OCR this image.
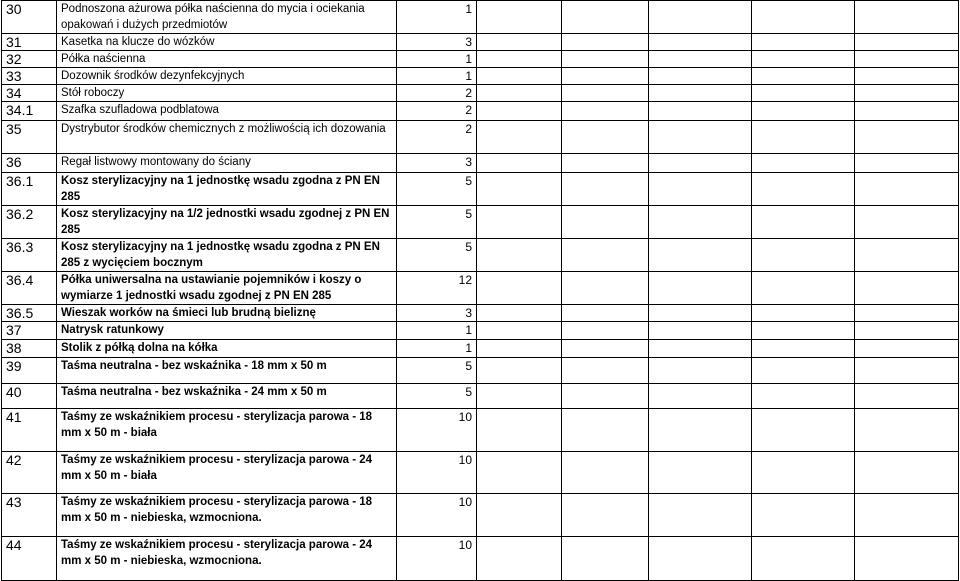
30	Podnoszona ażurowa półka naścienna do mycia i ociekania opakowań i dużych przedmiotów	1					
31	Kasetka na klucze do wózków	3					
32	Półka naścienna	1					
33	Dozownik środków dezynfekcyjnych	1					
34	Stół roboczy	2					
34.1	Szafka szufladowa podblatowa	2					
35	Dystrybutor środków chemicznych z możliwością ich dozowania	2					
36	Regał listwowy montowany do ściany	3					
36.1	Kosz sterylizacyjny na 1 jednostkę wsadu zgodna z PN EN 285	5					
36.2	Kosz sterylizacyjny na 1/2 jednostki wsadu zgodnej z PN EN 285	5					
36.3	Kosz sterylizacyjny na 1 jednostkę wsadu zgodna z PN EN 285 z wycięciem bocznym	5					
36.4	Półka uniwersalna na ustawianie pojemników i koszy o wymiarze 1 jednostki wsadu zgodnej z PN EN 285	12					
36.5	Wieszak worków na śmieci lub brudną bieliznę	3					
37	Natrysk ratunkowy	1					
38	Stolik z półką dolna na kółka	1					
39	Taśma neutralna - bez wskaźnika - 18 mm x 50 m	5					
40	Taśma neutralna - bez wskaźnika - 24 mm x 50 m	5					
41	Taśmy ze wskaźnikiem procesu - sterylizacja parowa - 18 mm x 50 m - biała	10					
42	Taśmy ze wskaźnikiem procesu - sterylizacja parowa - 24 mm x 50 m - biała	10					
43	Taśmy ze wskaźnikiem procesu - sterylizacja parowa - 18 mm x 50 m - niebieska, wzmocniona.	10					
44	Taśmy ze wskaźnikiem procesu - sterylizacja parowa - 24 mm x 50 m - niebieska, wzmocniona.	10					
